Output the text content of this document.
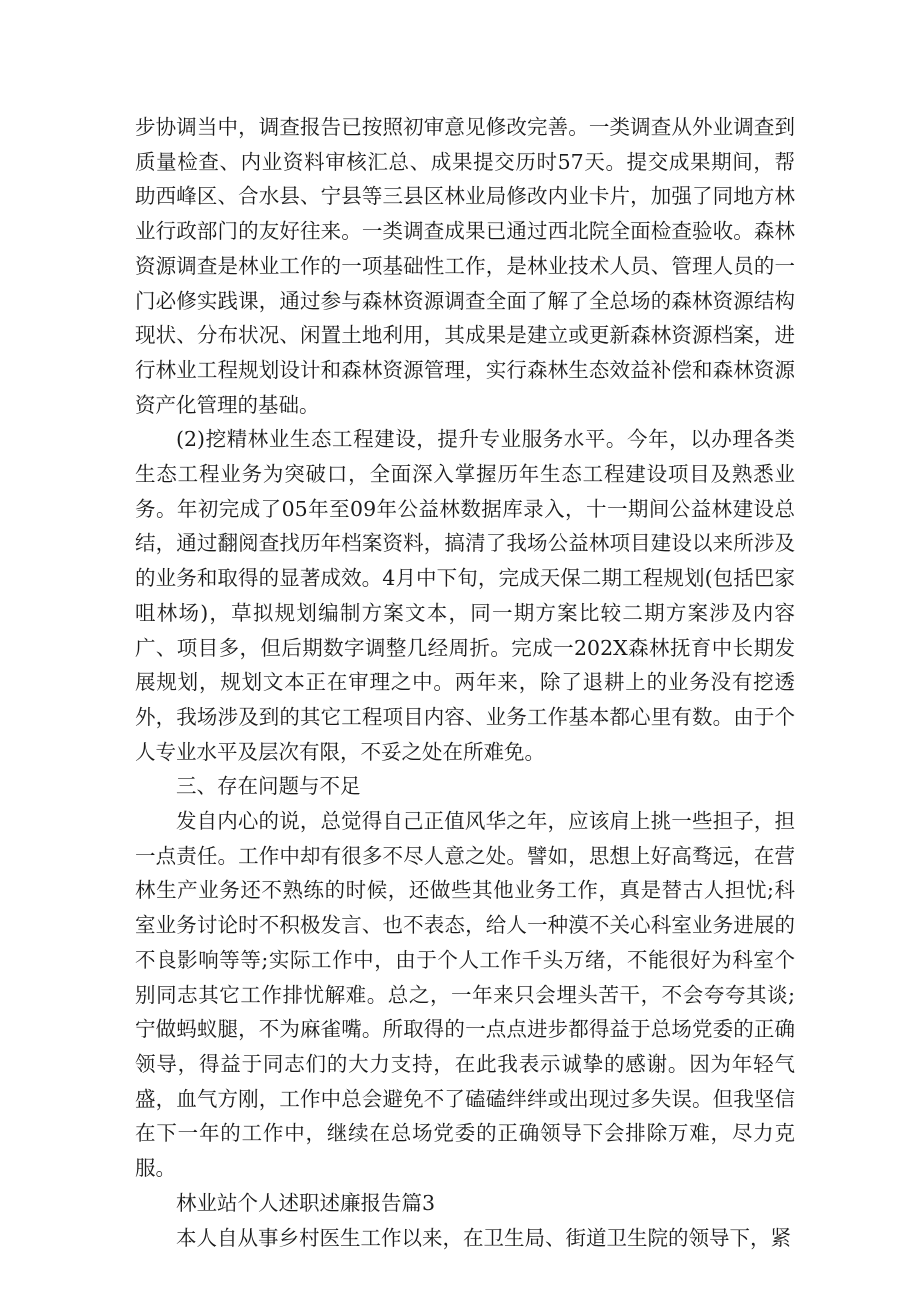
步协调当中，调查报告已按照初审意见修改完善。一类调查从外业调查到质量检查、内业资料审核汇总、成果提交历时57天。提交成果期间，帮助西峰区、合水县、宁县等三县区林业局修改内业卡片，加强了同地方林业行政部门的友好往来。一类调查成果已通过西北院全面检查验收。森林资源调查是林业工作的一项基础性工作，是林业技术人员、管理人员的一门必修实践课，通过参与森林资源调查全面了解了全总场的森林资源结构现状、分布状况、闲置土地利用，其成果是建立或更新森林资源档案，进行林业工程规划设计和森林资源管理，实行森林生态效益补偿和森林资源资产化管理的基础。

(2)挖精林业生态工程建设，提升专业服务水平。今年，以办理各类生态工程业务为突破口，全面深入掌握历年生态工程建设项目及熟悉业务。年初完成了05年至09年公益林数据库录入，十一期间公益林建设总结，通过翻阅查找历年档案资料，搞清了我场公益林项目建设以来所涉及的业务和取得的显著成效。4月中下旬，完成天保二期工程规划(包括巴家咀林场)，草拟规划编制方案文本，同一期方案比较二期方案涉及内容广、项目多，但后期数字调整几经周折。完成一202X森林抚育中长期发展规划，规划文本正在审理之中。两年来，除了退耕上的业务没有挖透外，我场涉及到的其它工程项目内容、业务工作基本都心里有数。由于个人专业水平及层次有限，不妥之处在所难免。

三、存在问题与不足

发自内心的说，总觉得自己正值风华之年，应该肩上挑一些担子，担一点责任。工作中却有很多不尽人意之处。譬如，思想上好高骛远，在营林生产业务还不熟练的时候，还做些其他业务工作，真是替古人担忧;科室业务讨论时不积极发言、也不表态，给人一种漠不关心科室业务进展的不良影响等等;实际工作中，由于个人工作千头万绪，不能很好为科室个别同志其它工作排忧解难。总之，一年来只会埋头苦干，不会夸夸其谈;宁做蚂蚁腿，不为麻雀嘴。所取得的一点点进步都得益于总场党委的正确领导，得益于同志们的大力支持，在此我表示诚挚的感谢。因为年轻气盛，血气方刚，工作中总会避免不了磕磕绊绊或出现过多失误。但我坚信在下一年的工作中，继续在总场党委的正确领导下会排除万难，尽力克服。

林业站个人述职述廉报告篇3

本人自从事乡村医生工作以来，在卫生局、街道卫生院的领导下，紧
